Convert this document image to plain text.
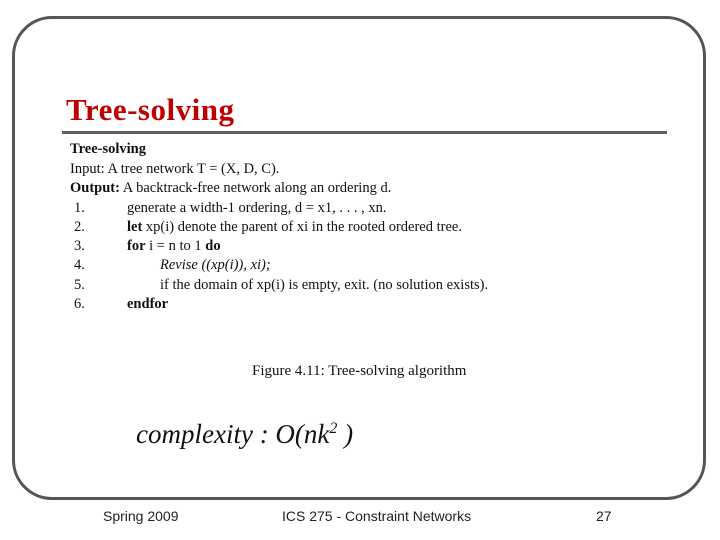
Tree-solving
Tree-solving
Input: A tree network T = (X, D, C).
Output: A backtrack-free network along an ordering d.
1.	generate a width-1 ordering, d = x1, . . . , xn.
2.	let xp(i) denote the parent of xi in the rooted ordered tree.
3.	for i = n to 1 do
4.	Revise ((xp(i)), xi);
5.	if the domain of xp(i) is empty, exit. (no solution exists).
6.	endfor
Figure 4.11: Tree-solving algorithm
complexity : $O(nk^2$ )
Spring 2009	ICS 275 - Constraint Networks	27
